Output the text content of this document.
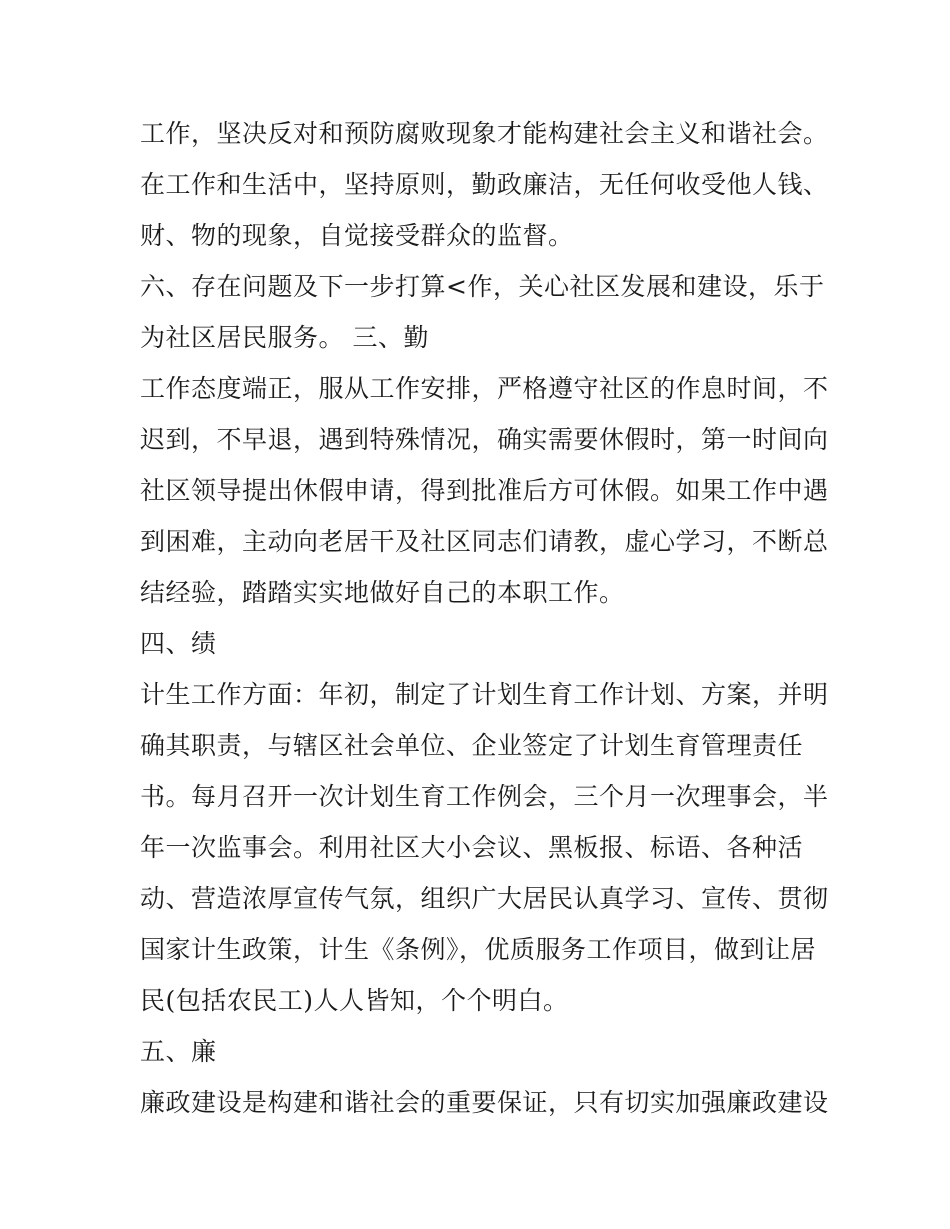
工作，坚决反对和预防腐败现象才能构建社会主义和谐社会。
在工作和生活中，坚持原则，勤政廉洁，无任何收受他人钱、
财、物的现象，自觉接受群众的监督。
六、存在问题及下一步打算<作，关心社区发展和建设，乐于
为社区居民服务。 三、勤
工作态度端正，服从工作安排，严格遵守社区的作息时间，不
迟到，不早退，遇到特殊情况，确实需要休假时，第一时间向
社区领导提出休假申请，得到批准后方可休假。如果工作中遇
到困难，主动向老居干及社区同志们请教，虚心学习，不断总
结经验，踏踏实实地做好自己的本职工作。
四、绩
计生工作方面：年初，制定了计划生育工作计划、方案，并明
确其职责，与辖区社会单位、企业签定了计划生育管理责任
书。每月召开一次计划生育工作例会，三个月一次理事会，半
年一次监事会。利用社区大小会议、黑板报、标语、各种活
动、营造浓厚宣传气氛，组织广大居民认真学习、宣传、贯彻
国家计生政策，计生《条例》，优质服务工作项目，做到让居
民(包括农民工)人人皆知，个个明白。
五、廉
廉政建设是构建和谐社会的重要保证，只有切实加强廉政建设
